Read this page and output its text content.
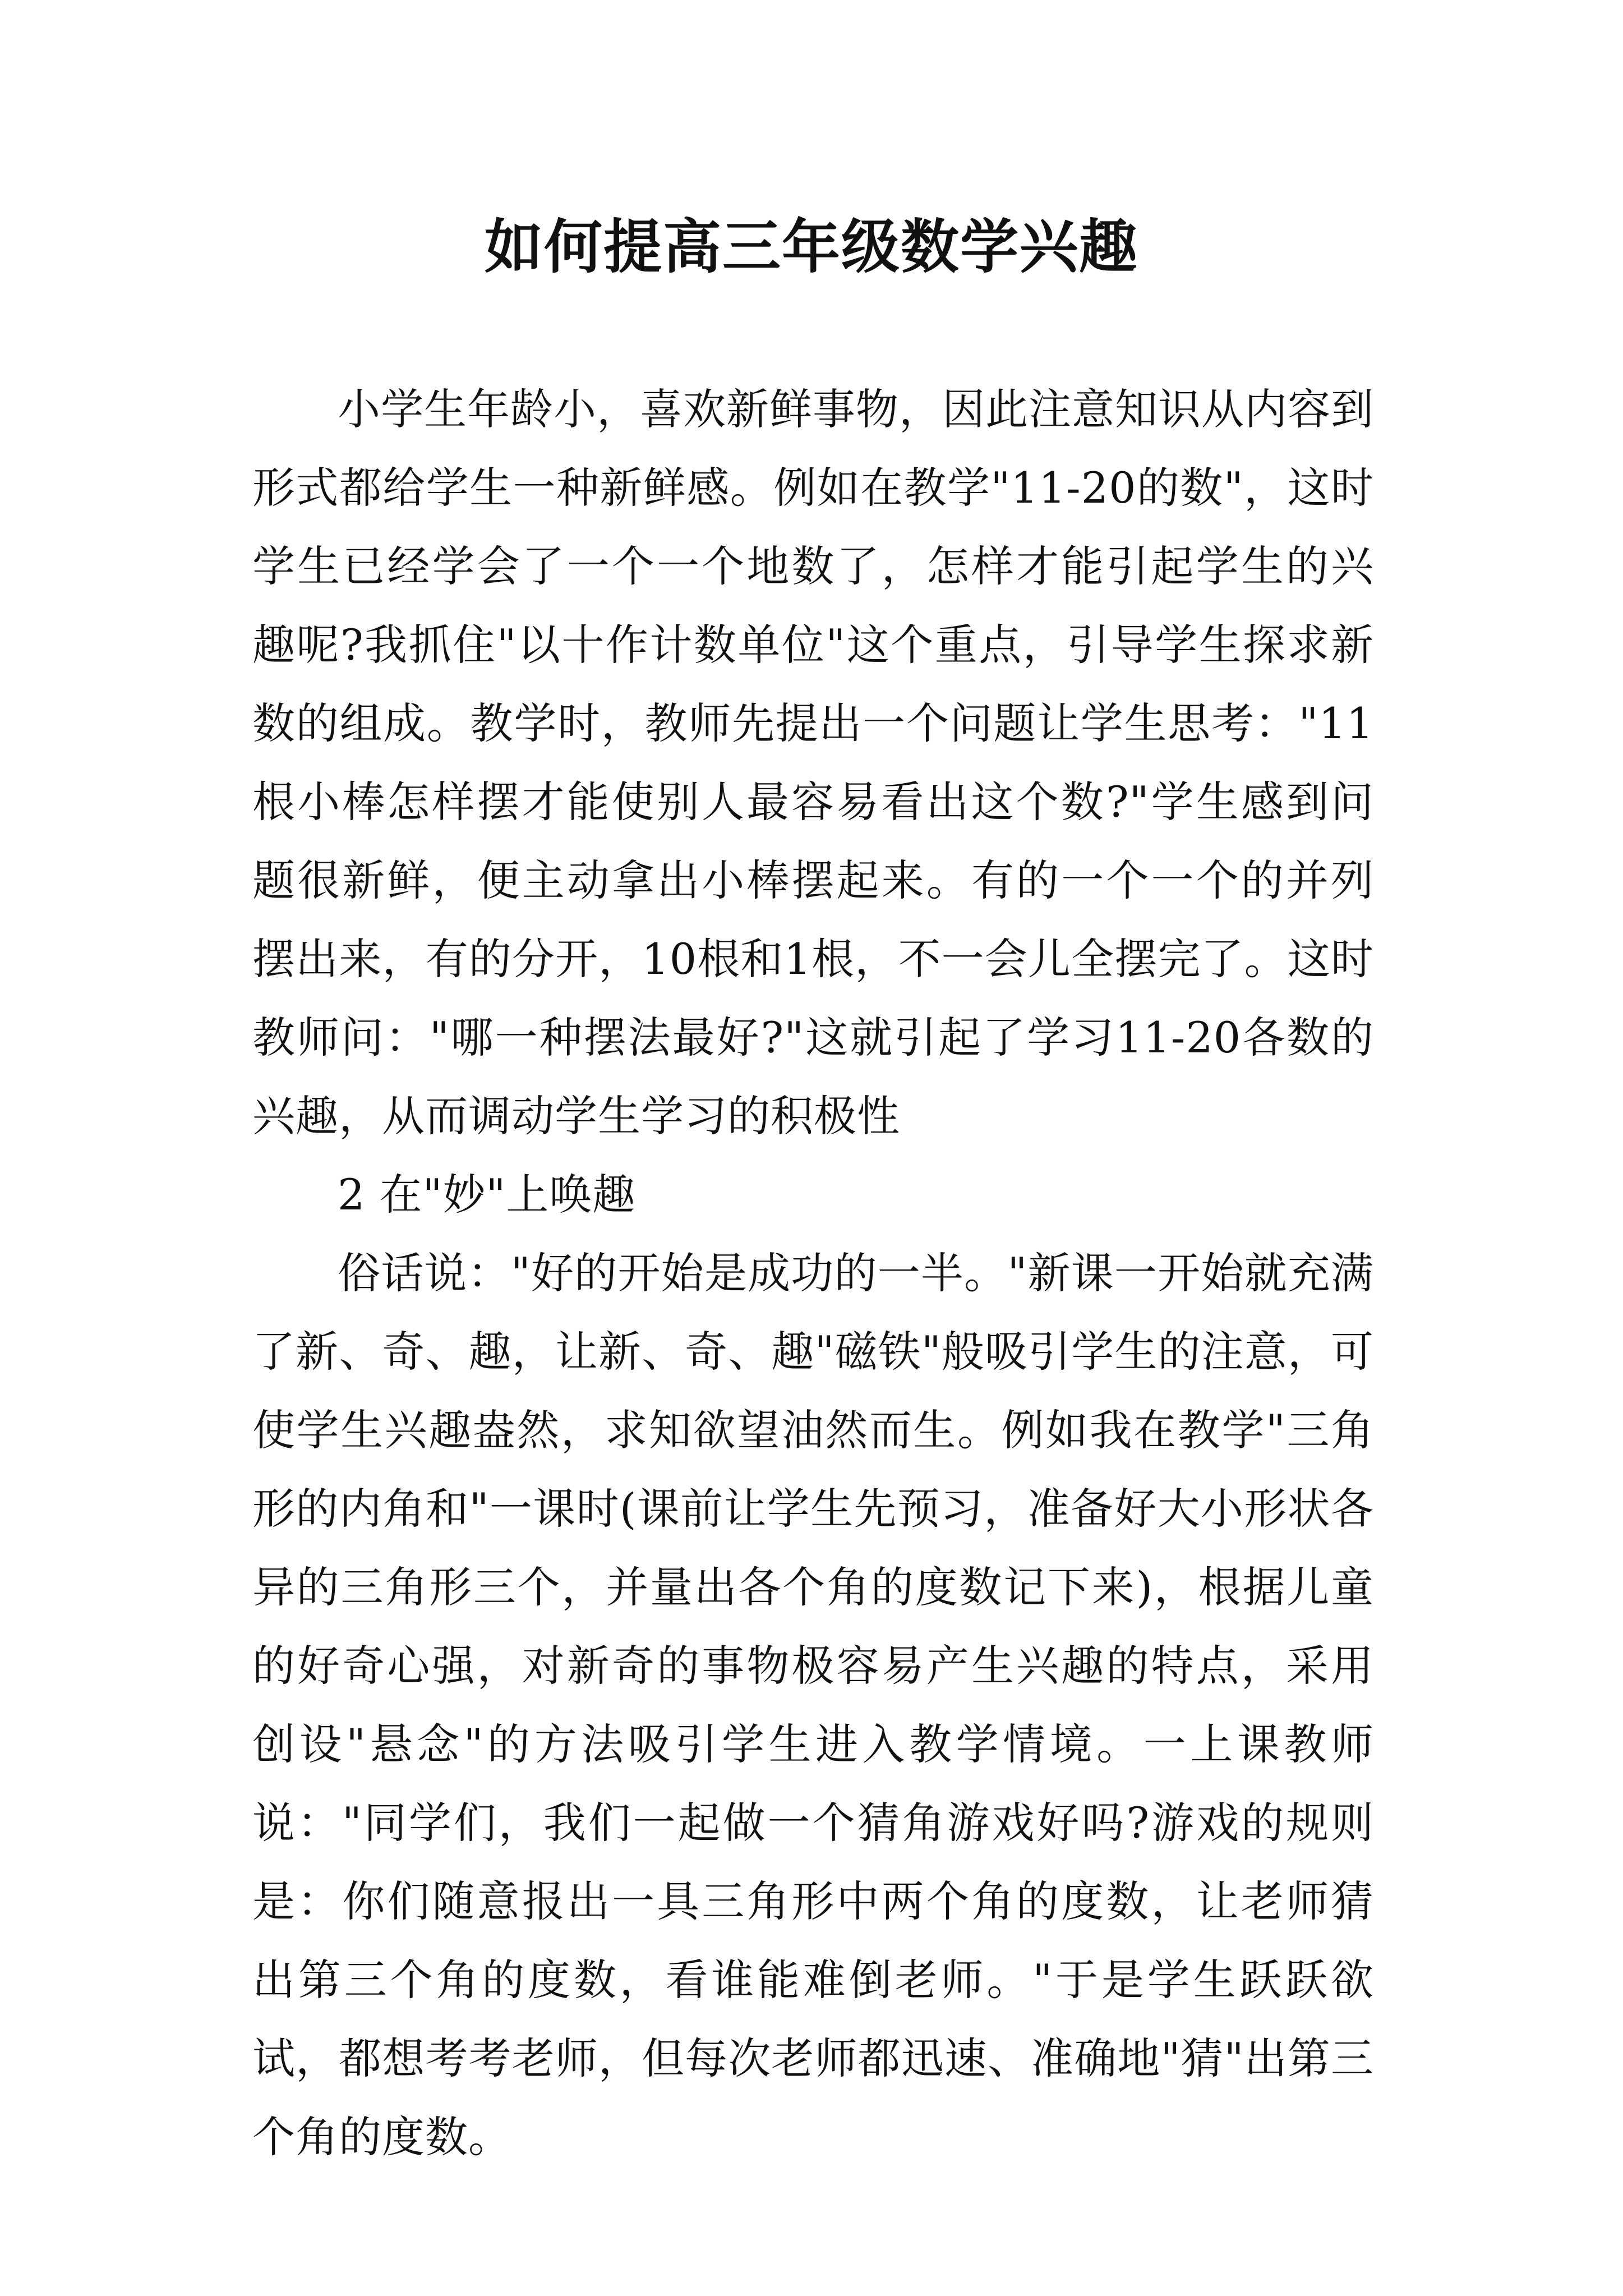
如何提高三年级数学兴趣

小学生年龄小，喜欢新鲜事物，因此注意知识从内容到形式都给学生一种新鲜感。例如在教学"11-20的数"，这时学生已经学会了一个一个地数了，怎样才能引起学生的兴趣呢?我抓住"以十作计数单位"这个重点，引导学生探求新数的组成。教学时，教师先提出一个问题让学生思考："11根小棒怎样摆才能使别人最容易看出这个数?"学生感到问题很新鲜，便主动拿出小棒摆起来。有的一个一个的并列摆出来，有的分开，10根和1根，不一会儿全摆完了。这时教师问："哪一种摆法最好?"这就引起了学习11-20各数的兴趣，从而调动学生学习的积极性

2 在"妙"上唤趣

俗话说："好的开始是成功的一半。"新课一开始就充满了新、奇、趣，让新、奇、趣"磁铁"般吸引学生的注意，可使学生兴趣盎然，求知欲望油然而生。例如我在教学"三角形的内角和"一课时(课前让学生先预习，准备好大小形状各异的三角形三个，并量出各个角的度数记下来)，根据儿童的好奇心强，对新奇的事物极容易产生兴趣的特点，采用创设"悬念"的方法吸引学生进入教学情境。一上课教师说："同学们，我们一起做一个猜角游戏好吗?游戏的规则是：你们随意报出一具三角形中两个角的度数，让老师猜出第三个角的度数，看谁能难倒老师。"于是学生跃跃欲试，都想考考老师，但每次老师都迅速、准确地"猜"出第三个角的度数。
